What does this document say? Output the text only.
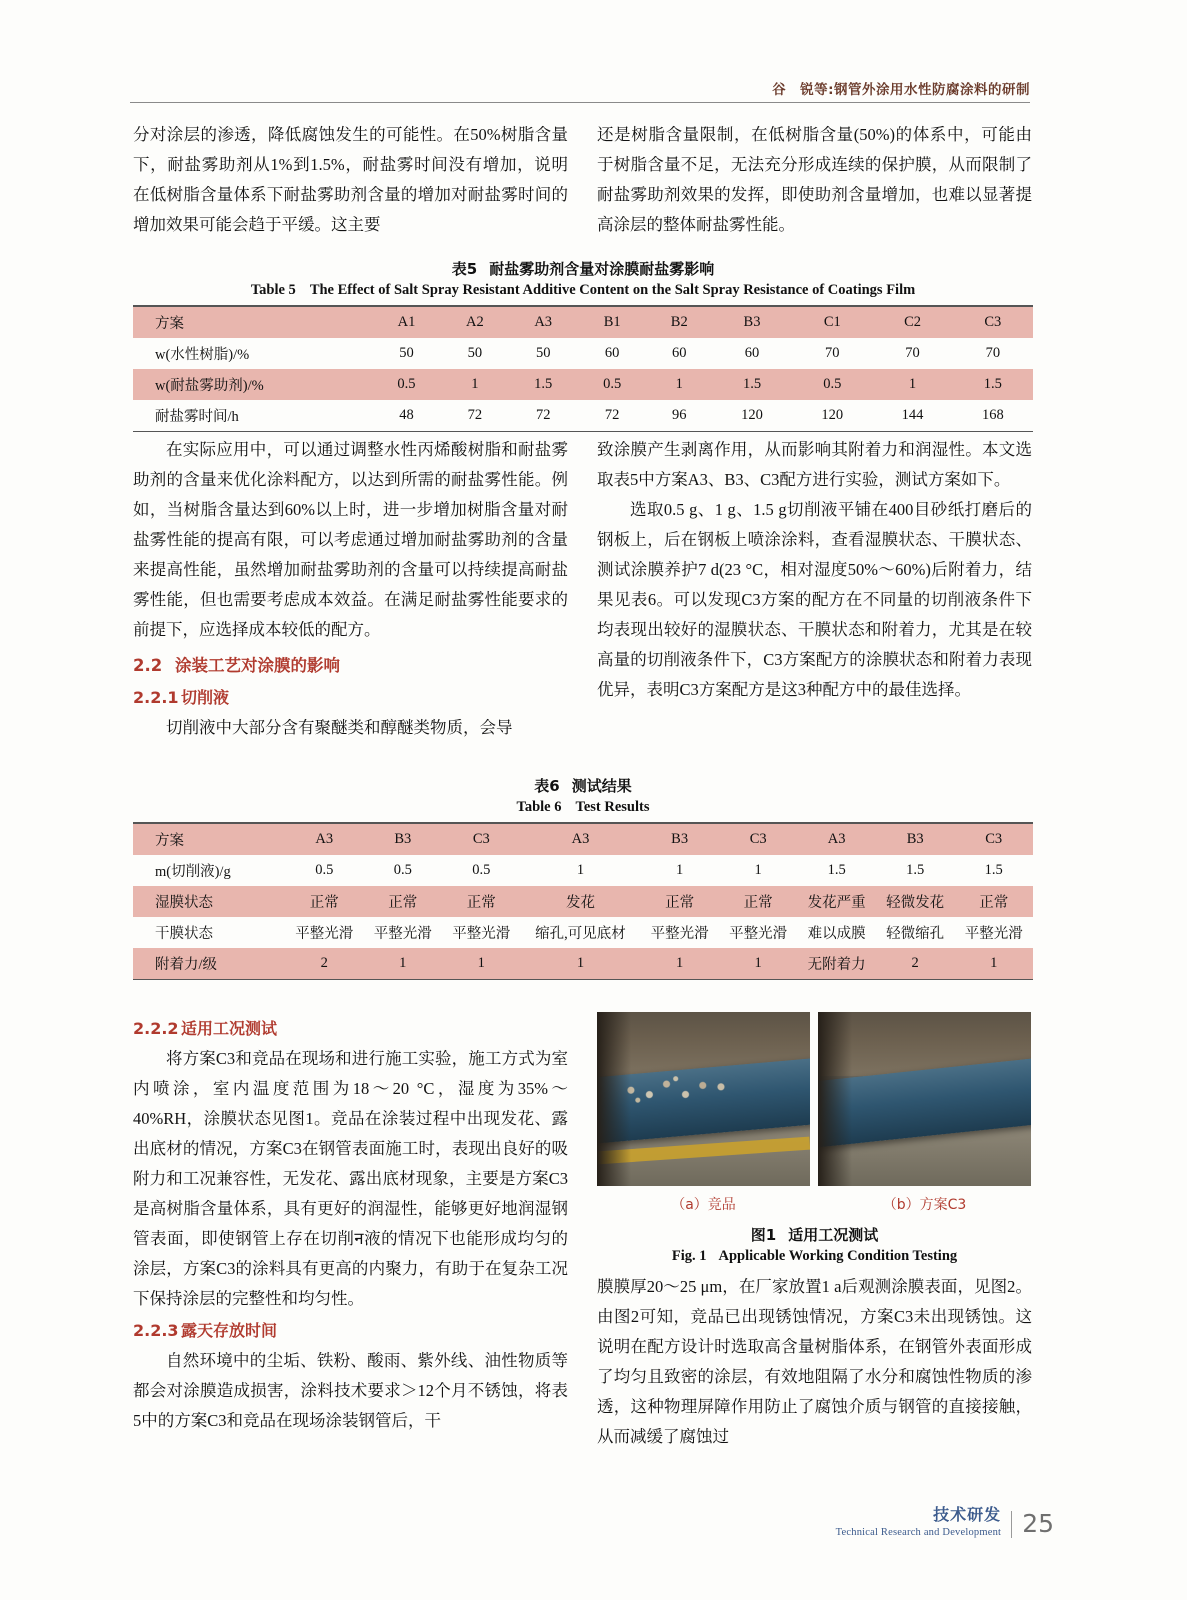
谷　锐等:钢管外涂用水性防腐涂料的研制

分对涂层的渗透，降低腐蚀发生的可能性。在50%树脂含量下，耐盐雾助剂从1%到1.5%，耐盐雾时间没有增加，说明在低树脂含量体系下耐盐雾助剂含量的增加对耐盐雾时间的增加效果可能会趋于平缓。这主要

还是树脂含量限制，在低树脂含量(50%)的体系中，可能由于树脂含量不足，无法充分形成连续的保护膜，从而限制了耐盐雾助剂效果的发挥，即使助剂含量增加，也难以显著提高涂层的整体耐盐雾性能。

表5 耐盐雾助剂含量对涂膜耐盐雾影响
Table 5 The Effect of Salt Spray Resistant Additive Content on the Salt Spray Resistance of Coatings Film
方案	A1	A2	A3	B1	B2	B3	C1	C2	C3
w(水性树脂)/%	50	50	50	60	60	60	70	70	70
w(耐盐雾助剂)/%	0.5	1	1.5	0.5	1	1.5	0.5	1	1.5
耐盐雾时间/h	48	72	72	72	96	120	120	144	168

在实际应用中，可以通过调整水性丙烯酸树脂和耐盐雾助剂的含量来优化涂料配方，以达到所需的耐盐雾性能。例如，当树脂含量达到60%以上时，进一步增加树脂含量对耐盐雾性能的提高有限，可以考虑通过增加耐盐雾助剂的含量来提高性能，虽然增加耐盐雾助剂的含量可以持续提高耐盐雾性能，但也需要考虑成本效益。在满足耐盐雾性能要求的前提下，应选择成本较低的配方。

2.2 涂装工艺对涂膜的影响
2.2.1 切削液

切削液中大部分含有聚醚类和醇醚类物质，会导

致涂膜产生剥离作用，从而影响其附着力和润湿性。本文选取表5中方案A3、B3、C3配方进行实验，测试方案如下。

选取0.5 g、1 g、1.5 g切削液平铺在400目砂纸打磨后的钢板上，后在钢板上喷涂涂料，查看湿膜状态、干膜状态、测试涂膜养护7 d(23 °C，相对湿度50%～60%)后附着力，结果见表6。可以发现C3方案的配方在不同量的切削液条件下均表现出较好的湿膜状态、干膜状态和附着力，尤其是在较高量的切削液条件下，C3方案配方的涂膜状态和附着力表现优异，表明C3方案配方是这3种配方中的最佳选择。

表6 测试结果
Table 6 Test Results
方案	A3	B3	C3	A3	B3	C3	A3	B3	C3
m(切削液)/g	0.5	0.5	0.5	1	1	1	1.5	1.5	1.5
湿膜状态	正常	正常	正常	发花	正常	正常	发花严重	轻微发花	正常
干膜状态	平整光滑	平整光滑	平整光滑	缩孔,可见底材	平整光滑	平整光滑	难以成膜	轻微缩孔	平整光滑
附着力/级	2	1	1	1	1	1	无附着力	2	1
2.2.2 适用工况测试

将方案C3和竞品在现场和进行施工实验，施工方式为室内喷涂，室内温度范围为18～20 °C，湿度为35%～40%RH，涂膜状态见图1。竞品在涂装过程中出现发花、露出底材的情况，方案C3在钢管表面施工时，表现出良好的吸附力和工况兼容性，无发花、露出底材现象，主要是方案C3是高树脂含量体系，具有更好的润湿性，能够更好地润湿钢管表面，即使钢管上存在切削न液的情况下也能形成均匀的涂层，方案C3的涂料具有更高的内聚力，有助于在复杂工况下保持涂层的完整性和均匀性。

2.2.3 露天存放时间

自然环境中的尘垢、铁粉、酸雨、紫外线、油性物质等都会对涂膜造成损害，涂料技术要求＞12个月不锈蚀，将表5中的方案C3和竞品在现场涂装钢管后，干

（a）竞品	（b）方案C3
图1 适用工况测试
Fig. 1 Applicable Working Condition Testing

膜膜厚20～25 μm，在厂家放置1 a后观测涂膜表面，见图2。由图2可知，竞品已出现锈蚀情况，方案C3未出现锈蚀。这说明在配方设计时选取高含量树脂体系，在钢管外表面形成了均匀且致密的涂层，有效地阻隔了水分和腐蚀性物质的渗透，这种物理屏障作用防止了腐蚀介质与钢管的直接接触，从而减缓了腐蚀过

技术研发
Technical Research and Development 25
